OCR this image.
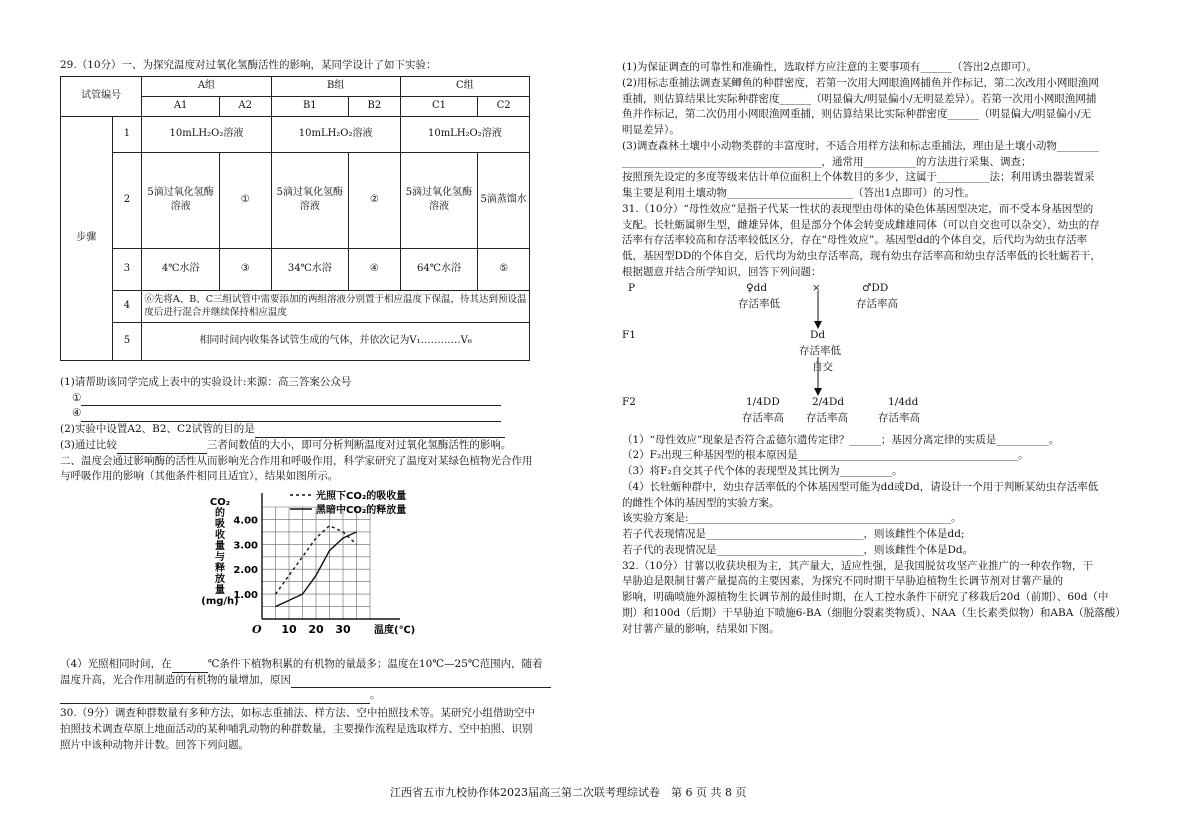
29.（10分）一、为探究温度对过氧化氢酶活性的影响，某同学设计了如下实验：

试管编号		A组		B组		C组	
		A1	A2	B1	B2	C1	C2
步骤	1	10mLH₂O₂溶液		10mLH₂O₂溶液		10mLH₂O₂溶液	
	2	5滴过氧化氢酶溶液	①	5滴过氧化氢酶溶液	②	5滴过氧化氢酶溶液	5滴蒸馏水
	3	4℃水浴	③	34℃水浴	④	64℃水浴	⑤
	4	⑥先将A、B、C三组试管中需要添加的两组溶液分别置于相应温度下保温，待其达到预设温度后进行混合并继续保持相应温度					
	5	相同时间内收集各试管生成的气体，并依次记为V₁…………V₆					

(1)请帮助该同学完成上表中的实验设计:来源：高三答案公众号

①

④

(2)实验中设置A2、B2、C2试管的目的是

(3)通过比较	三者间数值的大小，即可分析判断温度对过氧化氢酶活性的影响。

二、温度会通过影响酶的活性从而影响光合作用和呼吸作用，科学家研究了温度对某绿色植物光合作用

与呼吸作用的影响（其他条件相同且适宜），结果如图所示。

CO₂
的
吸
收
量
与
释
放
量
(mg/h)
1.00
2.00
3.00
4.00
10 20 30
O	温度(℃)
光照下CO₂的吸收量
黑暗中CO₂的释放量

（4）光照相同时间，在	℃条件下植物积累的有机物的量最多；温度在10℃—25℃范围内，随着

温度升高，光合作用制造的有机物的量增加，原因

。

30.（9分）调查种群数量有多种方法，如标志重捕法、样方法、空中拍照技术等。某研究小组借助空中

拍照技术调查草原上地面活动的某种哺乳动物的种群数量，主要操作流程是选取样方、空中拍照、识别

照片中该种动物并计数。回答下列问题。

(1)为保证调查的可靠性和准确性，选取样方应注意的主要事项有______（答出2点即可）。

(2)用标志重捕法调查某鲫鱼的种群密度，若第一次用大网眼渔网捕鱼并作标记，第二次改用小网眼渔网

重捕，则估算结果比实际种群密度______（明显偏大/明显偏小/无明显差异）。若第一次用小网眼渔网捕

鱼并作标记，第二次仍用小网眼渔网重捕，则估算结果比实际种群密度______（明显偏大/明显偏小/无

明显差异）。

(3)调查森林土壤中小动物类群的丰富度时，不适合用样方法和标志重捕法，理由是土壤小动物________

______________________________________，通常用__________的方法进行采集、调查；

按照预先设定的多度等级来估计单位面积上个体数目的多少，这属于__________法；利用诱虫器装置采

集主要是利用土壤动物________________________（答出1点即可）的习性。

31.（10分）“母性效应”是指子代某一性状的表现型由母体的染色体基因型决定，而不受本身基因型的

支配。长牡蛎属卵生型，雌雄异体，但是部分个体会转变成雌雄同体（可以自交也可以杂交），幼虫的存

活率有存活率较高和存活率较低区分，存在“母性效应”。基因型dd的个体自交，后代均为幼虫存活率

低，基因型DD的个体自交，后代均为幼虫存活率高，现有幼虫存活率高和幼虫存活率低的长牡蛎若干，

根据题意并结合所学知识，回答下列问题：

P	♀dd	×	♂DD
存活率低	存活率高
F1	Dd
存活率低
自交
F2	1/4DD	2/4Dd	1/4dd
存活率高 存活率高	存活率高

（1）“母性效应”现象是否符合孟德尔遗传定律？______；基因分离定律的实质是__________。

（2）F₂出现三种基因型的根本原因是__________________________________________。

（3）将F₂自交其子代个体的表现型及其比例为__________。

（4）长牡蛎种群中，幼虫存活率低的个体基因型可能为dd或Dd，请设计一个用于判断某幼虫存活率低

的雌性个体的基因型的实验方案。

该实验方案是:__________________________________________________。

若子代表现情况是______________________________，则该雌性个体是dd;

若子代的表现情况是____________________________，则该雌性个体是Dd。

32.（10分）甘薯以收获块根为主，其产量大，适应性强，是我国脱贫攻坚产业推广的一种农作物，干

旱胁迫是限制甘薯产量提高的主要因素，为探究不同时期干旱胁迫植物生长调节剂对甘薯产量的

影响，明确喷施外源植物生长调节剂的最佳时期，在人工控水条件下研究了移栽后20d（前期）、60d（中

期）和100d（后期）干旱胁迫下喷施6-BA（细胞分裂素类物质）、NAA（生长素类似物）和ABA（脱落酸）

对甘薯产量的影响，结果如下图。

江西省五市九校协作体2023届高三第二次联考理综试卷　第 6 页 共 8 页
